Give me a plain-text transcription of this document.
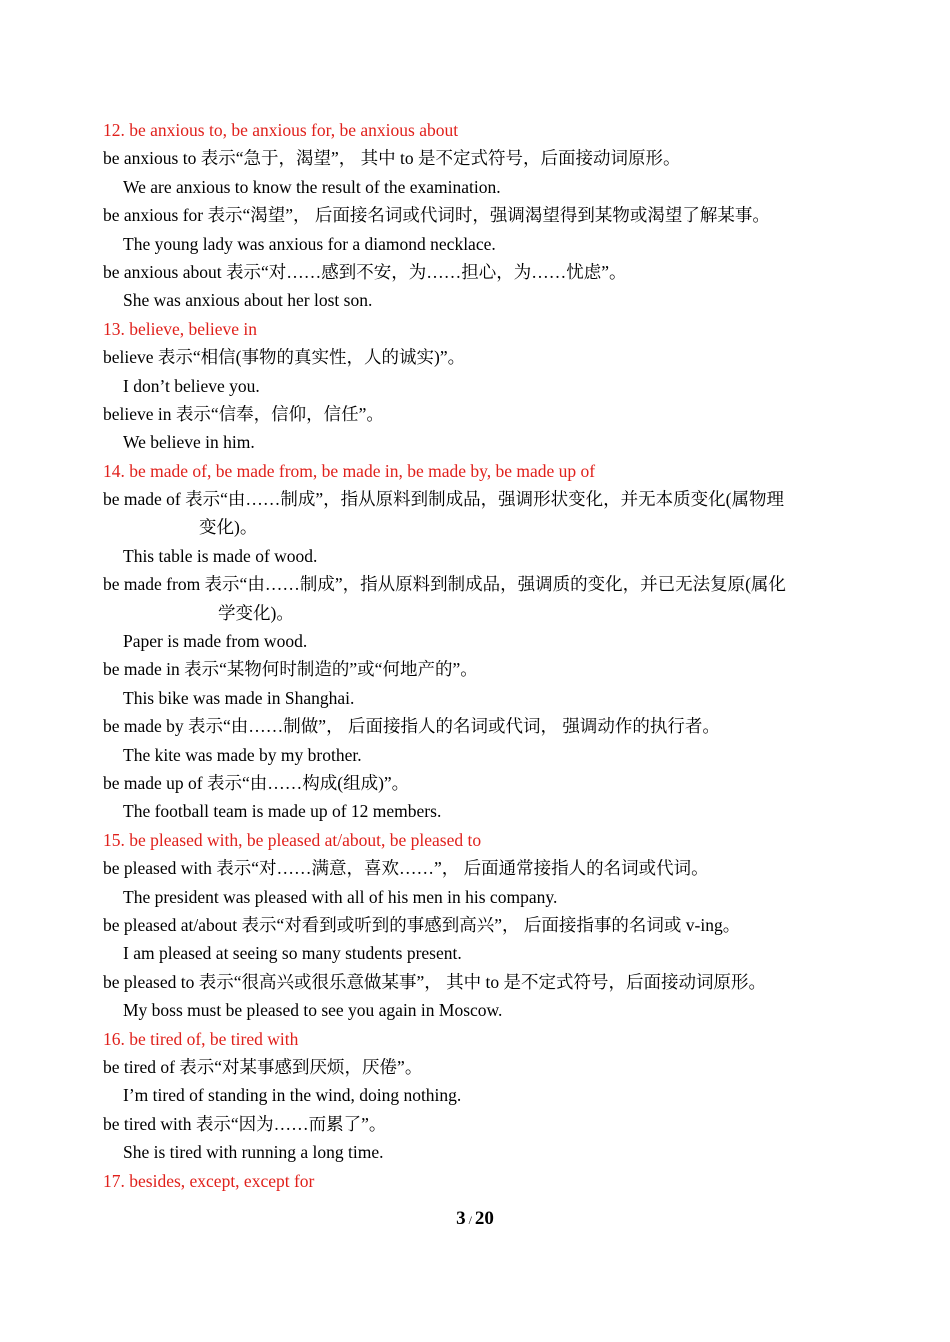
12. be anxious to, be anxious for, be anxious about
be anxious to 表示“急于，渴望”， 其中 to 是不定式符号，后面接动词原形。
We are anxious to know the result of the examination.
be anxious for 表示“渴望”， 后面接名词或代词时，强调渴望得到某物或渴望了解某事。
The young lady was anxious for a diamond necklace.
be anxious about 表示“对……感到不安，为……担心，为……忧虑”。
She was anxious about her lost son.
13. believe, believe in
believe 表示“相信(事物的真实性，人的诚实)”。
I don’t believe you.
believe in 表示“信奉，信仰，信任”。
We believe in him.
14. be made of, be made from, be made in, be made by, be made up of
be made of 表示“由……制成”，指从原料到制成品，强调形状变化，并无本质变化(属物理
变化)。
This table is made of wood.
be made from 表示“由……制成”，指从原料到制成品，强调质的变化，并已无法复原(属化
学变化)。
Paper is made from wood.
be made in 表示“某物何时制造的”或“何地产的”。
This bike was made in Shanghai.
be made by 表示“由……制做”， 后面接指人的名词或代词， 强调动作的执行者。
The kite was made by my brother.
be made up of 表示“由……构成(组成)”。
The football team is made up of 12 members.
15. be pleased with, be pleased at/about, be pleased to
be pleased with 表示“对……满意，喜欢……”， 后面通常接指人的名词或代词。
The president was pleased with all of his men in his company.
be pleased at/about 表示“对看到或听到的事感到高兴”， 后面接指事的名词或 v-ing。
I am pleased at seeing so many students present.
be pleased to 表示“很高兴或很乐意做某事”， 其中 to 是不定式符号，后面接动词原形。
My boss must be pleased to see you again in Moscow.
16. be tired of, be tired with
be tired of 表示“对某事感到厌烦，厌倦”。
I’m tired of standing in the wind, doing nothing.
be tired with 表示“因为……而累了”。
She is tired with running a long time.
17. besides, except, except for
3 / 20
